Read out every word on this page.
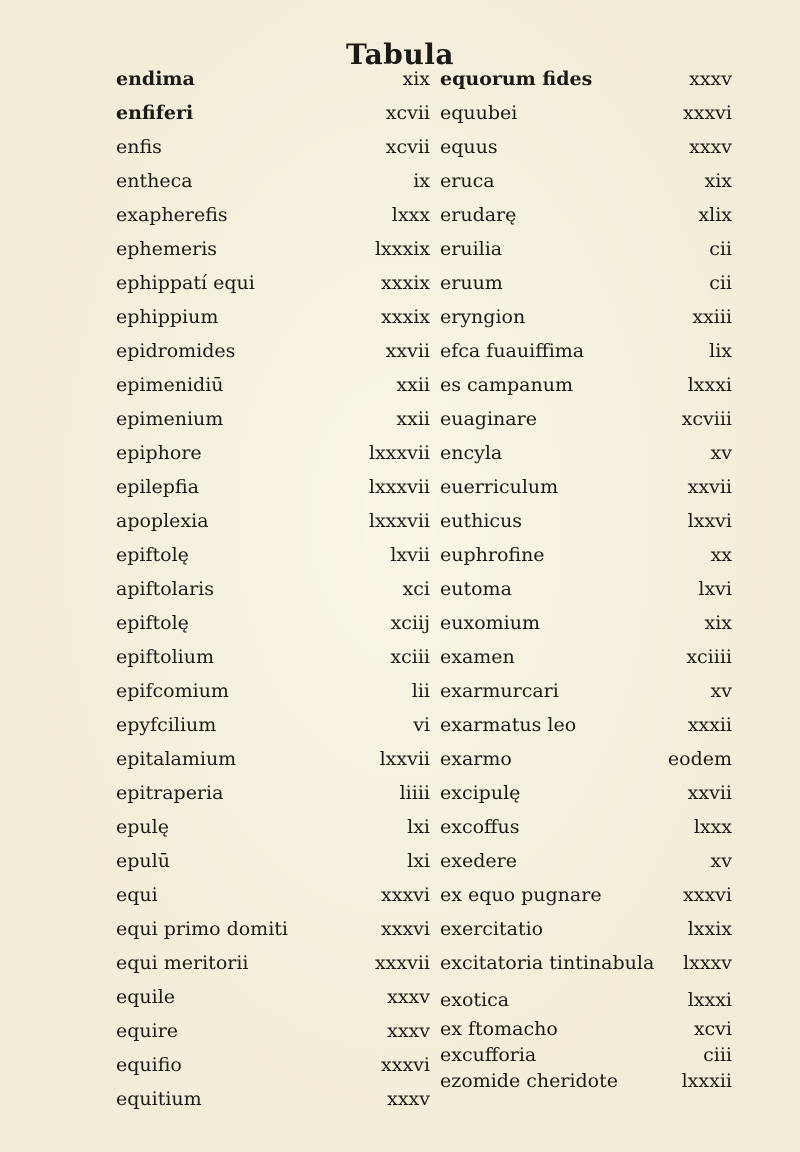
Tabula
endima
enfiferi
enfis
entheca
exapherefis
ephemeris
ephippatí equi
ephippium
epidromides
epimenidiū
epimenium
epiphore
epilepfia
apoplexia
epiftolę
apiftolaris
epiftolę
epiftolium
epifcomium
epyfcilium
epitalamium
epitraperia
epulę
epulū
equi
equi primo domiti
equi meritorii
equile
equire
equifio
equitium
xix
xcvii
xcvii
ix
lxxx
lxxxix
xxxix
xxxix
xxvii
xxii
xxii
lxxxvii
lxxxvii
lxxxvii
lxvii
xci
xciij
xciii
lii
vi
lxxvii
liiii
lxi
lxi
xxxvi
xxxvi
xxxvii
xxxv
xxxv
xxxvi
xxxv
equorum fides
equubei
equus
eruca
erudarę
eruilia
eruum
eryngion
efca fuauiffima
es campanum
euaginare
encyla
euerriculum
euthicus
euphrofine
eutoma
euxomium
examen
exarmurcari
exarmatus leo
exarmo
excipulę
excoffus
exedere
ex equo pugnare
exercitatio
excitatoria tintinabula
exotica
ex ftomacho
excufforia
ezomide cheridote
xxxv
xxxvi
xxxv
xix
xlix
cii
cii
xxiii
lix
lxxxi
xcviii
xv
xxvii
lxxvi
xx
lxvi
xix
xciiii
xv
xxxii
eodem
xxvii
lxxx
xv
xxxvi
lxxix
lxxxv
lxxxi
xcvi
ciii
lxxxii
